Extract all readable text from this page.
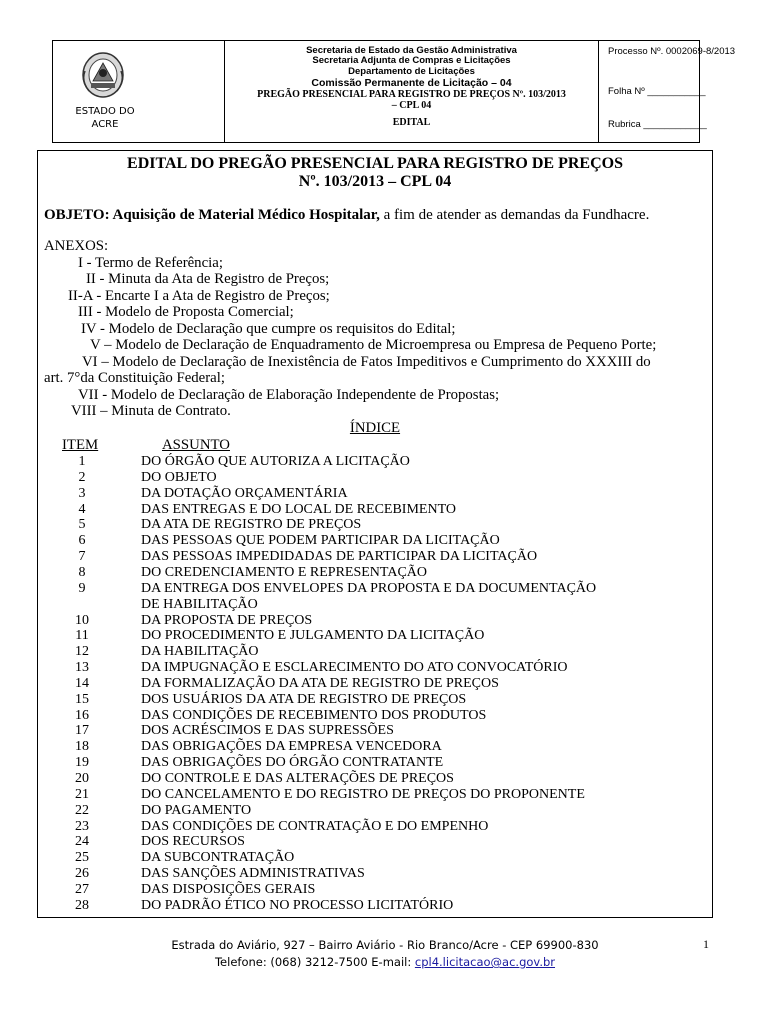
ESTADO DO
ACRE
Secretaria de Estado da Gestão Administrativa
Secretaria Adjunta de Compras e Licitações
Departamento de Licitações
Comissão Permanente de Licitação – 04
PREGÃO PRESENCIAL PARA REGISTRO DE PREÇOS Nº. 103/2013
– CPL 04
EDITAL
Processo Nº. 0002069-8/2013
Folha Nº ___________
Rubrica ____________
EDITAL DO PREGÃO PRESENCIAL PARA REGISTRO DE PREÇOS
Nº. 103/2013 – CPL 04
OBJETO: Aquisição de Material Médico Hospitalar, a fim de atender as demandas da Fundhacre.
ANEXOS:
I - Termo de Referência;
II - Minuta da Ata de Registro de Preços;
II-A - Encarte I a Ata de Registro de Preços;
III - Modelo de Proposta Comercial;
IV - Modelo de Declaração que cumpre os requisitos do Edital;
V – Modelo de Declaração de Enquadramento de Microempresa ou Empresa de Pequeno Porte;
VI – Modelo de Declaração de Inexistência de Fatos Impeditivos e Cumprimento do XXXIII do
art. 7°da Constituição Federal;
VII - Modelo de Declaração de Elaboração Independente de Propostas;
VIII – Minuta de Contrato.
ÍNDICE
ITEM	ASSUNTO
1	DO ÓRGÃO QUE AUTORIZA A LICITAÇÃO
2	DO OBJETO
3	DA DOTAÇÃO ORÇAMENTÁRIA
4	DAS ENTREGAS E DO LOCAL DE RECEBIMENTO
5	DA ATA DE REGISTRO DE PREÇOS
6	DAS PESSOAS QUE PODEM PARTICIPAR DA LICITAÇÃO
7	DAS PESSOAS IMPEDIDADAS DE PARTICIPAR DA LICITAÇÃO
8	DO CREDENCIAMENTO E REPRESENTAÇÃO
9	DA ENTREGA DOS ENVELOPES DA PROPOSTA E DA DOCUMENTAÇÃO
DE HABILITAÇÃO
10	DA PROPOSTA DE PREÇOS
11	DO PROCEDIMENTO E JULGAMENTO DA LICITAÇÃO
12	DA HABILITAÇÃO
13	DA IMPUGNAÇÃO E ESCLARECIMENTO DO ATO CONVOCATÓRIO
14	DA FORMALIZAÇÃO DA ATA DE REGISTRO DE PREÇOS
15	DOS USUÁRIOS DA ATA DE REGISTRO DE PREÇOS
16	DAS CONDIÇÕES DE RECEBIMENTO DOS PRODUTOS
17	DOS ACRÉSCIMOS E DAS SUPRESSÕES
18	DAS OBRIGAÇÕES DA EMPRESA VENCEDORA
19	DAS OBRIGAÇÕES DO ÓRGÃO CONTRATANTE
20	DO CONTROLE E DAS ALTERAÇÕES DE PREÇOS
21	DO CANCELAMENTO E DO REGISTRO DE PREÇOS DO PROPONENTE
22	DO PAGAMENTO
23	DAS CONDIÇÕES DE CONTRATAÇÃO E DO EMPENHO
24	DOS RECURSOS
25	DA SUBCONTRATAÇÃO
26	DAS SANÇÕES ADMINISTRATIVAS
27	DAS DISPOSIÇÕES GERAIS
28	DO PADRÃO ÉTICO NO PROCESSO LICITATÓRIO
Estrada do Aviário, 927 – Bairro Aviário - Rio Branco/Acre - CEP 69900-830
Telefone: (068) 3212-7500 E-mail: cpl4.licitacao@ac.gov.br
1
